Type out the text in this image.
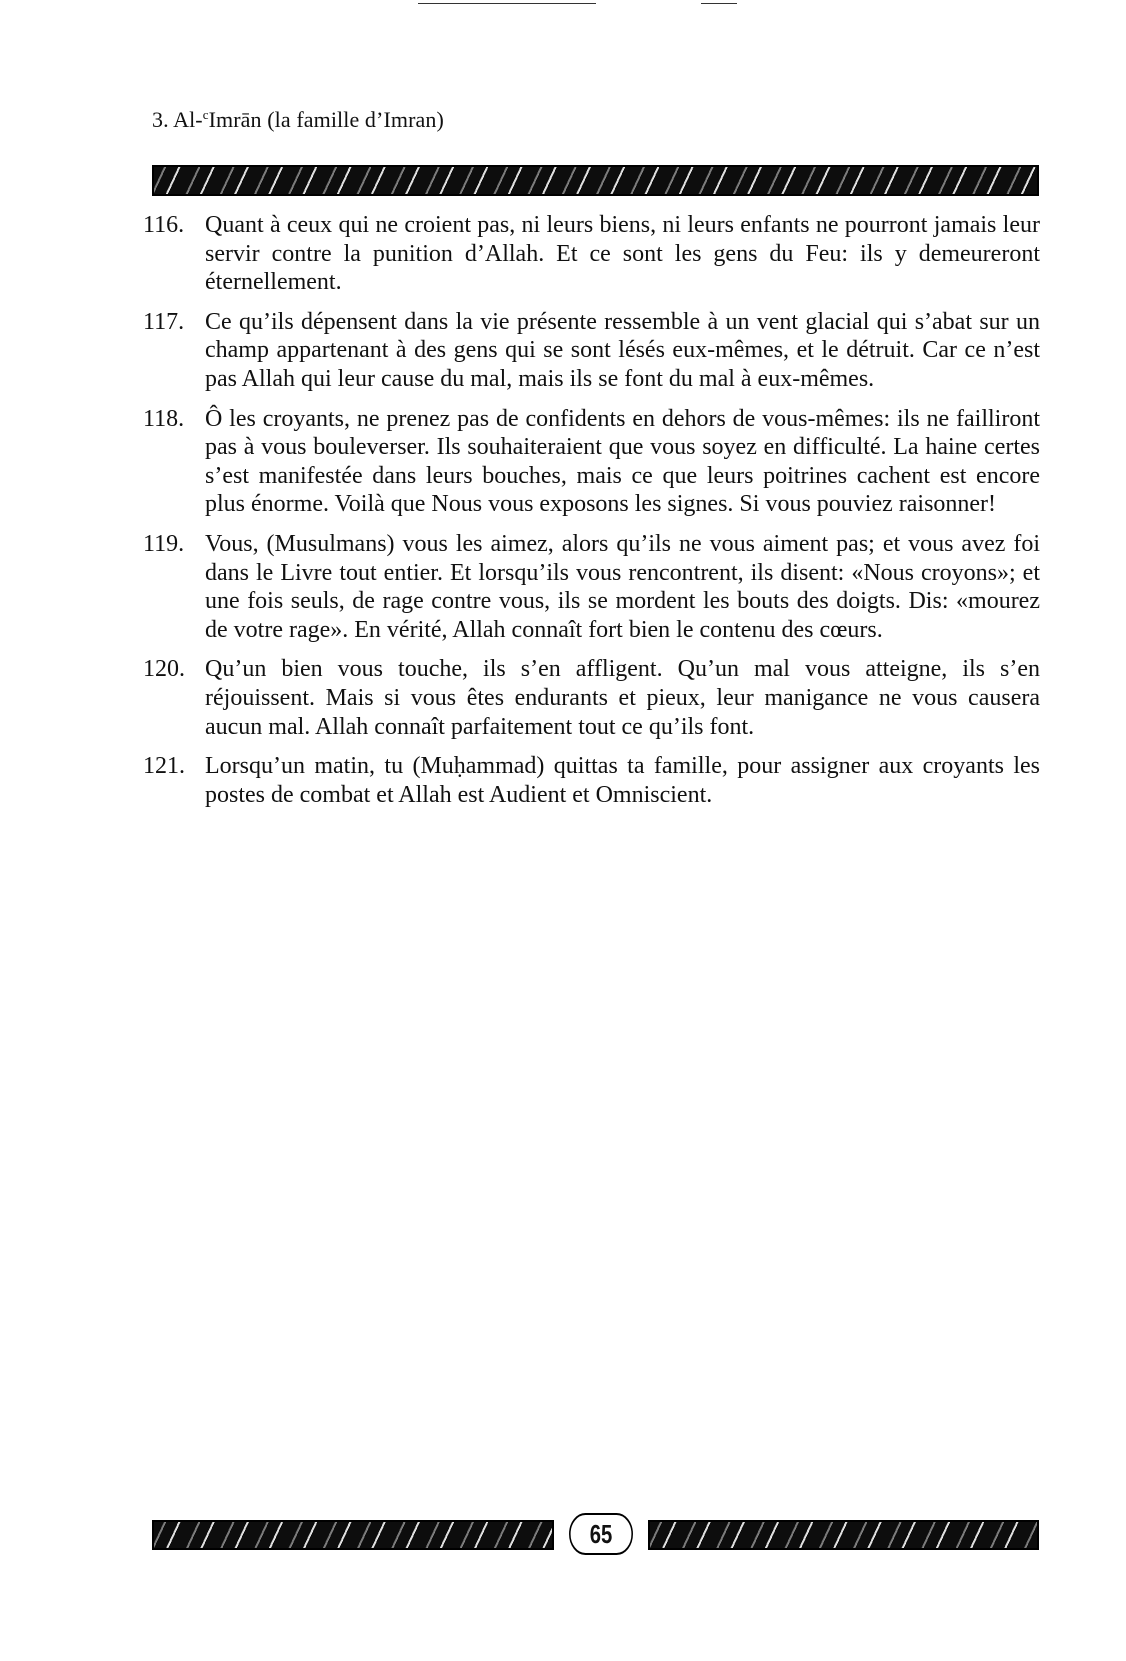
3. Al-$^c$Imrān (la famille d’Imran)
116. Quant à ceux qui ne croient pas, ni leurs biens, ni leurs enfants ne pourront jamais leur servir contre la punition d’Allah. Et ce sont les gens du Feu: ils y demeureront éternellement.
117. Ce qu’ils dépensent dans la vie présente ressemble à un vent glacial qui s’abat sur un champ appartenant à des gens qui se sont lésés eux-mêmes, et le détruit. Car ce n’est pas Allah qui leur cause du mal, mais ils se font du mal à eux-mêmes.
118. Ô les croyants, ne prenez pas de confidents en dehors de vous-mêmes: ils ne failliront pas à vous bouleverser. Ils souhaiteraient que vous soyez en difficulté. La haine certes s’est manifestée dans leurs bouches, mais ce que leurs poitrines cachent est encore plus énorme. Voilà que Nous vous exposons les signes. Si vous pouviez raisonner!
119. Vous, (Musulmans) vous les aimez, alors qu’ils ne vous aiment pas; et vous avez foi dans le Livre tout entier. Et lorsqu’ils vous rencontrent, ils disent: «Nous croyons»; et une fois seuls, de rage contre vous, ils se mordent les bouts des doigts. Dis: «mourez de votre rage». En vérité, Allah connaît fort bien le contenu des cœurs.
120. Qu’un bien vous touche, ils s’en affligent. Qu’un mal vous atteigne, ils s’en réjouissent. Mais si vous êtes endurants et pieux, leur manigance ne vous causera aucun mal. Allah connaît parfaitement tout ce qu’ils font.
121. Lorsqu’un matin, tu (Muḥammad) quittas ta famille, pour assigner aux croyants les postes de combat et Allah est Audient et Omniscient.
65
